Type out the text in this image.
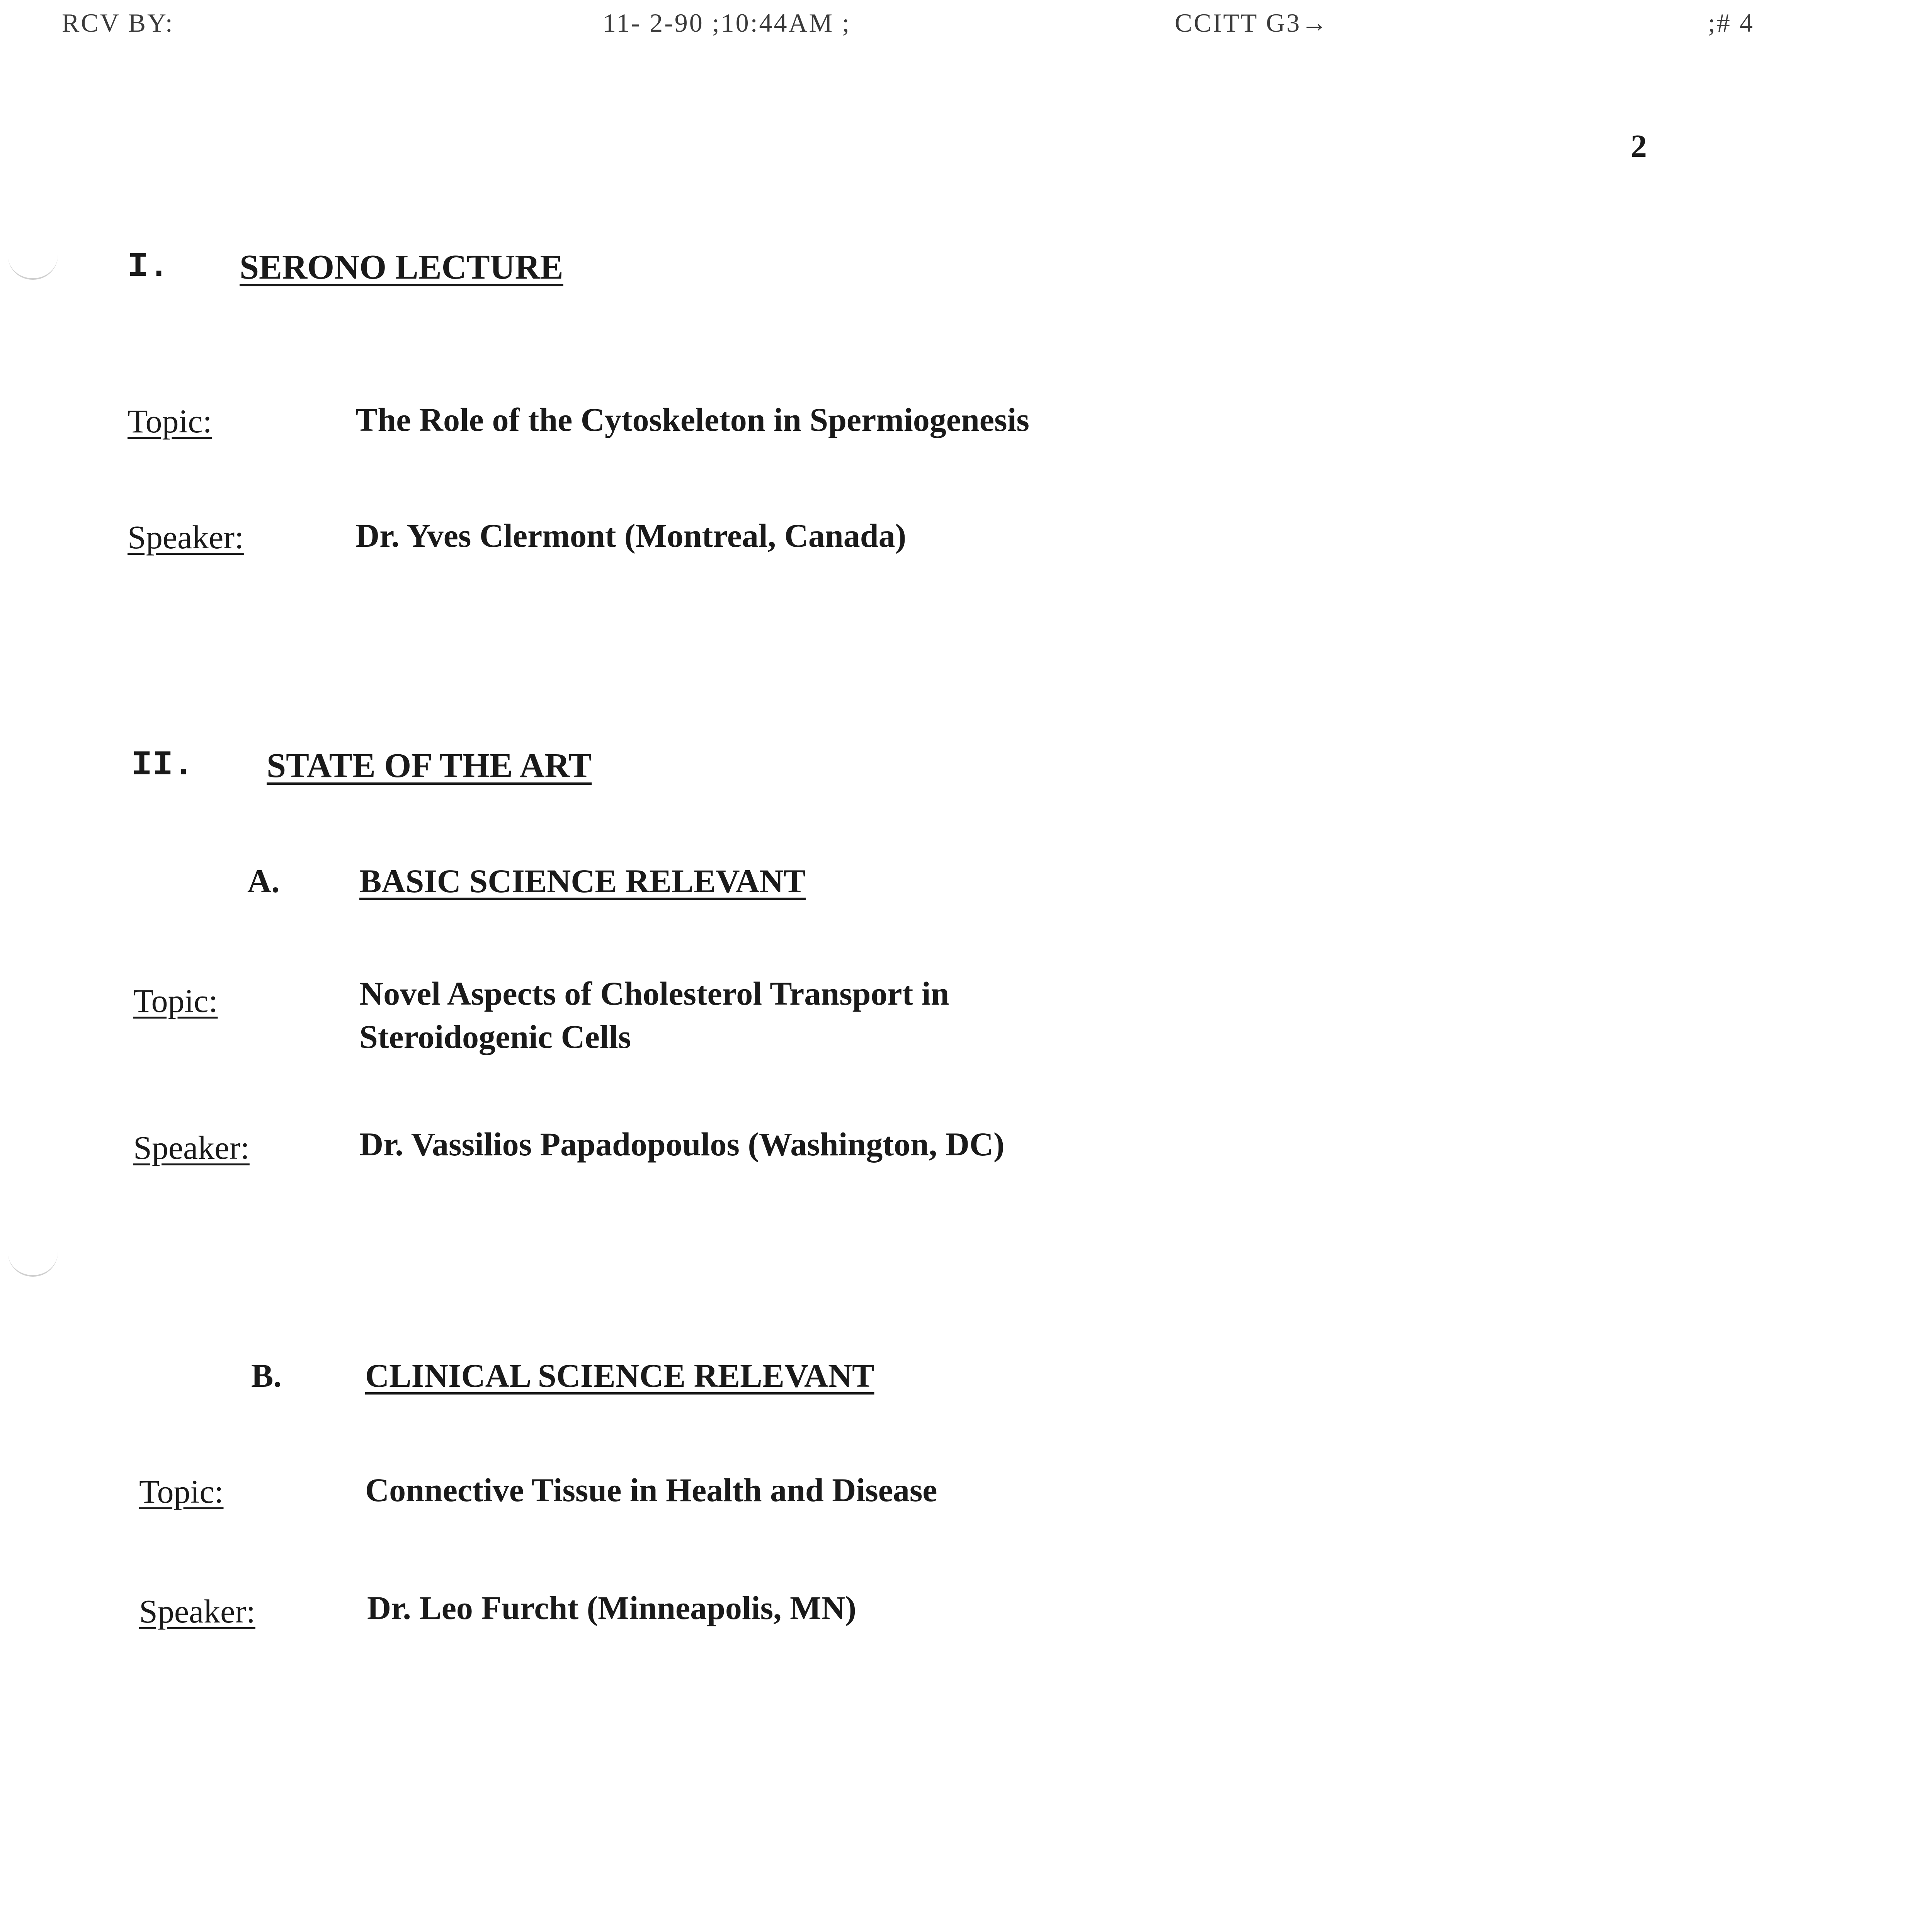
RCV BY:	11- 2-90 ;10:44AM ;	CCITT G3→	;# 4
2
I. SERONO LECTURE
Topic:	The Role of the Cytoskeleton in Spermiogenesis
Speaker:	Dr. Yves Clermont (Montreal, Canada)
II. STATE OF THE ART
A. BASIC SCIENCE RELEVANT
Topic:	Novel Aspects of Cholesterol Transport in
Steroidogenic Cells
Speaker:	Dr. Vassilios Papadopoulos (Washington, DC)
B.	CLINICAL SCIENCE RELEVANT
Topic:	Connective Tissue in Health and Disease
Speaker:	Dr. Leo Furcht (Minneapolis, MN)
